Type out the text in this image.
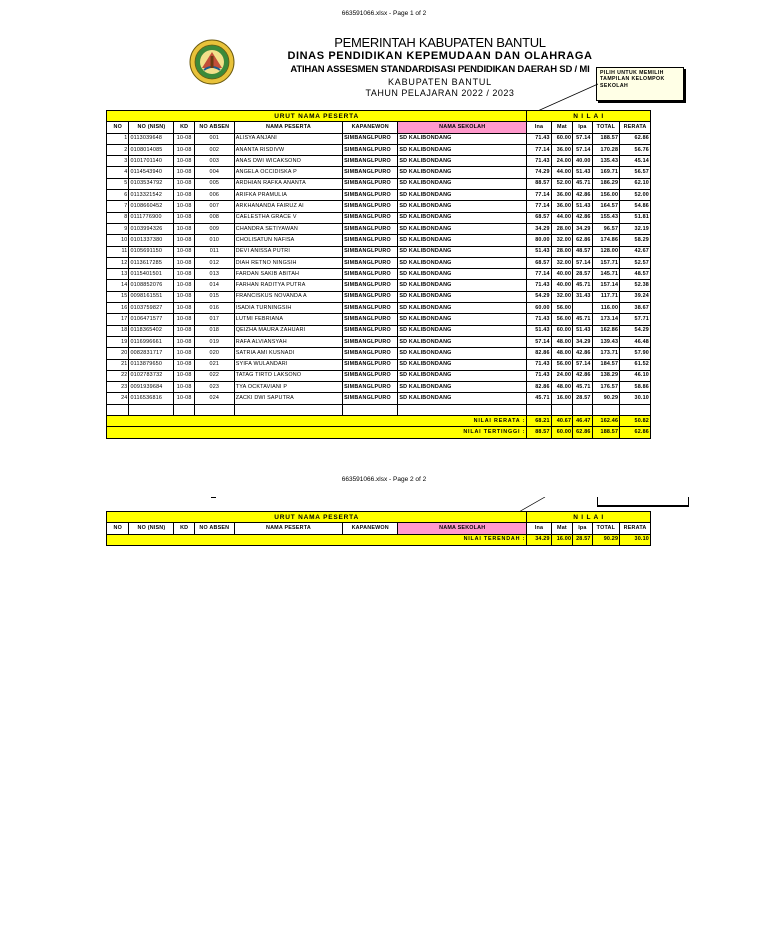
663591066.xlsx - Page 1 of 2
PEMERINTAH KABUPATEN BANTUL
DINAS PENDIDIKAN KEPEMUDAAN DAN OLAHRAGA
ATIHAN ASSESMEN STANDARDISASI PENDIDIKAN DAERAH SD / MI
KABUPATEN BANTUL
TAHUN PELAJARAN 2022 / 2023
PILIH UNTUK MEMILIH TAMPILAN KELOMPOK SEKOLAH
URUT NAMA PESERTA							N I L A I				
NO	NO (NISN)	KD	NO ABSEN	NAMA PESERTA	KAPANEWON	NAMA SEKOLAH	Ina	Mat	Ipa	TOTAL	RERATA
1	0113039648	10-08	001	ALISYA ANJANI	SIMBANGLPURO	SD KALIBONDANG	71.43	60.00	57.14	188.57	62.86
2	0108014085	10-08	002	ANANTA RISDIVW	SIMBANGLPURO	SD KALIBONDANG	77.14	36.00	57.14	170.28	56.76
3	0101701140	10-08	003	ANAS DWI WICAKSONO	SIMBANGLPURO	SD KALIBONDANG	71.43	24.00	40.00	135.43	45.14
4	0114543940	10-08	004	ANGELA OCCIDISKA P	SIMBANGLPURO	SD KALIBONDANG	74.29	44.00	51.43	169.71	56.57
5	0103534792	10-08	005	ARDHIAN RAFKA ANANTA	SIMBANGLPURO	SD KALIBONDANG	88.57	52.00	45.71	186.29	62.10
6	0113321542	10-08	006	ARIFKA PRAMULIA	SIMBANGLPURO	SD KALIBONDANG	77.14	36.00	42.86	156.00	52.00
7	0108660452	10-08	007	ARKHANANDA FAIRUZ AI	SIMBANGLPURO	SD KALIBONDANG	77.14	36.00	51.43	164.57	54.86
8	0111776900	10-08	008	CAELESTHA GRACE V	SIMBANGLPURO	SD KALIBONDANG	68.57	44.00	42.86	155.43	51.81
9	0103994326	10-08	009	CHANDRA SETIYAWAN	SIMBANGLPURO	SD KALIBONDANG	34.29	28.00	34.29	96.57	32.19
10	0101337380	10-08	010	CHOLISATUN NAFISA	SIMBANGLPURO	SD KALIBONDANG	80.00	32.00	62.86	174.86	58.29
11	0105691150	10-08	011	DEVI ANISSA PUTRI	SIMBANGLPURO	SD KALIBONDANG	51.43	28.00	48.57	128.00	42.67
12	0113617285	10-08	012	DIAH RETNO NINGSIH	SIMBANGLPURO	SD KALIBONDANG	68.57	32.00	57.14	157.71	52.57
13	0115401501	10-08	013	FARDAN SAKIB ABITAH	SIMBANGLPURO	SD KALIBONDANG	77.14	40.00	28.57	145.71	48.57
14	0108852076	10-08	014	FARHAN RADITYA PUTRA	SIMBANGLPURO	SD KALIBONDANG	71.43	40.00	45.71	157.14	52.38
15	0098161551	10-08	015	FRANCISKUS NOVANDA A	SIMBANGLPURO	SD KALIBONDANG	54.29	32.00	31.43	117.71	39.24
16	0103759827	10-08	016	ISADIA TURNINGSIH	SIMBANGLPURO	SD KALIBONDANG	60.00	56.00		116.00	38.67
17	0106471577	10-08	017	LUTMI FEBRIANA	SIMBANGLPURO	SD KALIBONDANG	71.43	56.00	45.71	173.14	57.71
18	0118365402	10-08	018	QEIZHA MAURA ZAHUARI	SIMBANGLPURO	SD KALIBONDANG	51.43	60.00	51.43	162.86	54.29
19	0116996661	10-08	019	RAFA ALVIANSYAH	SIMBANGLPURO	SD KALIBONDANG	57.14	48.00	34.29	139.43	46.48
20	0082831717	10-08	020	SATRIA AMI KUSNADI	SIMBANGLPURO	SD KALIBONDANG	82.86	48.00	42.86	173.71	57.90
21	0113879650	10-08	021	SYIFA WULANDARI	SIMBANGLPURO	SD KALIBONDANG	71.43	56.00	57.14	184.57	61.52
22	0102783732	10-08	022	TATAG TIRTO LAKSONO	SIMBANGLPURO	SD KALIBONDANG	71.43	24.00	42.86	138.29	46.10
23	0091939684	10-08	023	TYA OCKTAVIANI P	SIMBANGLPURO	SD KALIBONDANG	82.86	48.00	45.71	176.57	58.86
24	0116536816	10-08	024	ZACKI DWI SAPUTRA	SIMBANGLPURO	SD KALIBONDANG	45.71	16.00	28.57	90.29	30.10

NILAI RERATA :							68.21	40.67	46.47	162.46	50.82
NILAI TERTINGGI :							88.57	60.00	62.86	188.57	62.86
663591066.xlsx - Page 2 of 2
URUT NAMA PESERTA							N I L A I				
NO	NO (NISN)	KD	NO ABSEN	NAMA PESERTA	KAPANEWON	NAMA SEKOLAH	Ina	Mat	Ipa	TOTAL	RERATA
NILAI TERENDAH :							34.29	16.00	28.57	90.29	30.10
